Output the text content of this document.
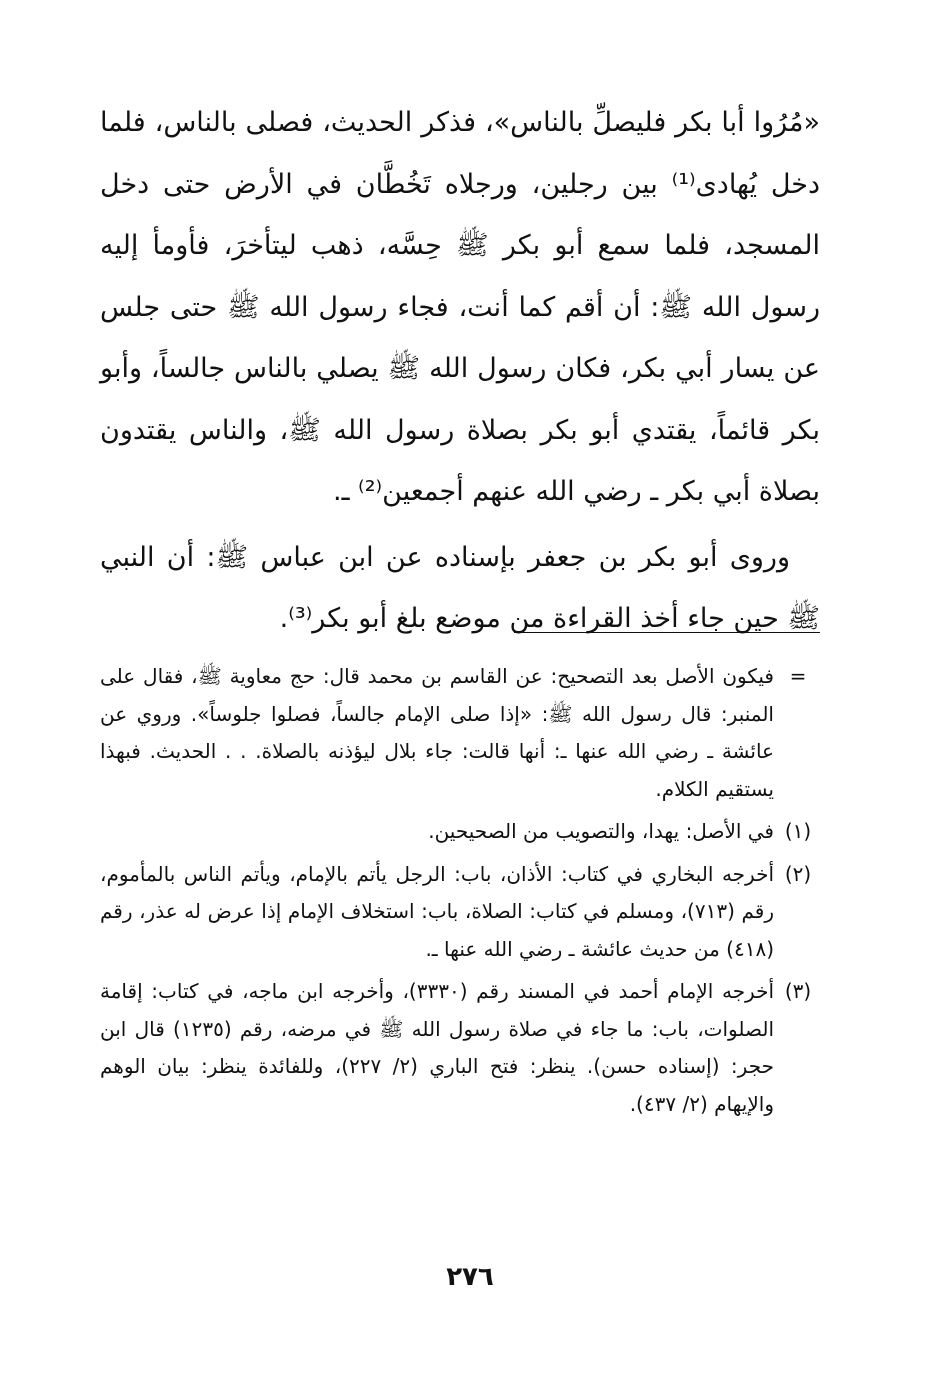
«مُرُوا أبا بكر فليصلِّ بالناس»، فذكر الحديث، فصلى بالناس، فلما دخل يُهادى⁽¹⁾ بين رجلين، ورجلاه تَخُطَّان في الأرض حتى دخل المسجد، فلما سمع أبو بكر ﷺ حِسَّه، ذهب ليتأخرَ، فأومأ إليه رسول الله ﷺ: أن أقم كما أنت، فجاء رسول الله ﷺ حتى جلس عن يسار أبي بكر، فكان رسول الله ﷺ يصلي بالناس جالساً، وأبو بكر قائماً، يقتدي أبو بكر بصلاة رسول الله ﷺ، والناس يقتدون بصلاة أبي بكر ـ رضي الله عنهم أجمعين⁽²⁾ ـ.

وروى أبو بكر بن جعفر بإسناده عن ابن عباس ﷺ: أن النبي ﷺ حين جاء أخذ القراءة من موضع بلغ أبو بكر⁽³⁾.

=
فيكون الأصل بعد التصحيح: عن القاسم بن محمد قال: حج معاوية ﷺ، فقال على المنبر: قال رسول الله ﷺ: «إذا صلى الإمام جالساً، فصلوا جلوساً». وروي عن عائشة ـ رضي الله عنها ـ: أنها قالت: جاء بلال ليؤذنه بالصلاة. . . الحديث. فبهذا يستقيم الكلام.
(١)
في الأصل: يهدا، والتصويب من الصحيحين.
(٢)
أخرجه البخاري في كتاب: الأذان، باب: الرجل يأتم بالإمام، ويأتم الناس بالمأموم، رقم (٧١٣)، ومسلم في كتاب: الصلاة، باب: استخلاف الإمام إذا عرض له عذر، رقم (٤١٨) من حديث عائشة ـ رضي الله عنها ـ.
(٣)
أخرجه الإمام أحمد في المسند رقم (٣٣٣٠)، وأخرجه ابن ماجه، في كتاب: إقامة الصلوات، باب: ما جاء في صلاة رسول الله ﷺ في مرضه، رقم (١٢٣٥) قال ابن حجر: (إسناده حسن). ينظر: فتح الباري (٢/ ٢٢٧)، وللفائدة ينظر: بيان الوهم والإيهام (٢/ ٤٣٧).
٢٧٦
